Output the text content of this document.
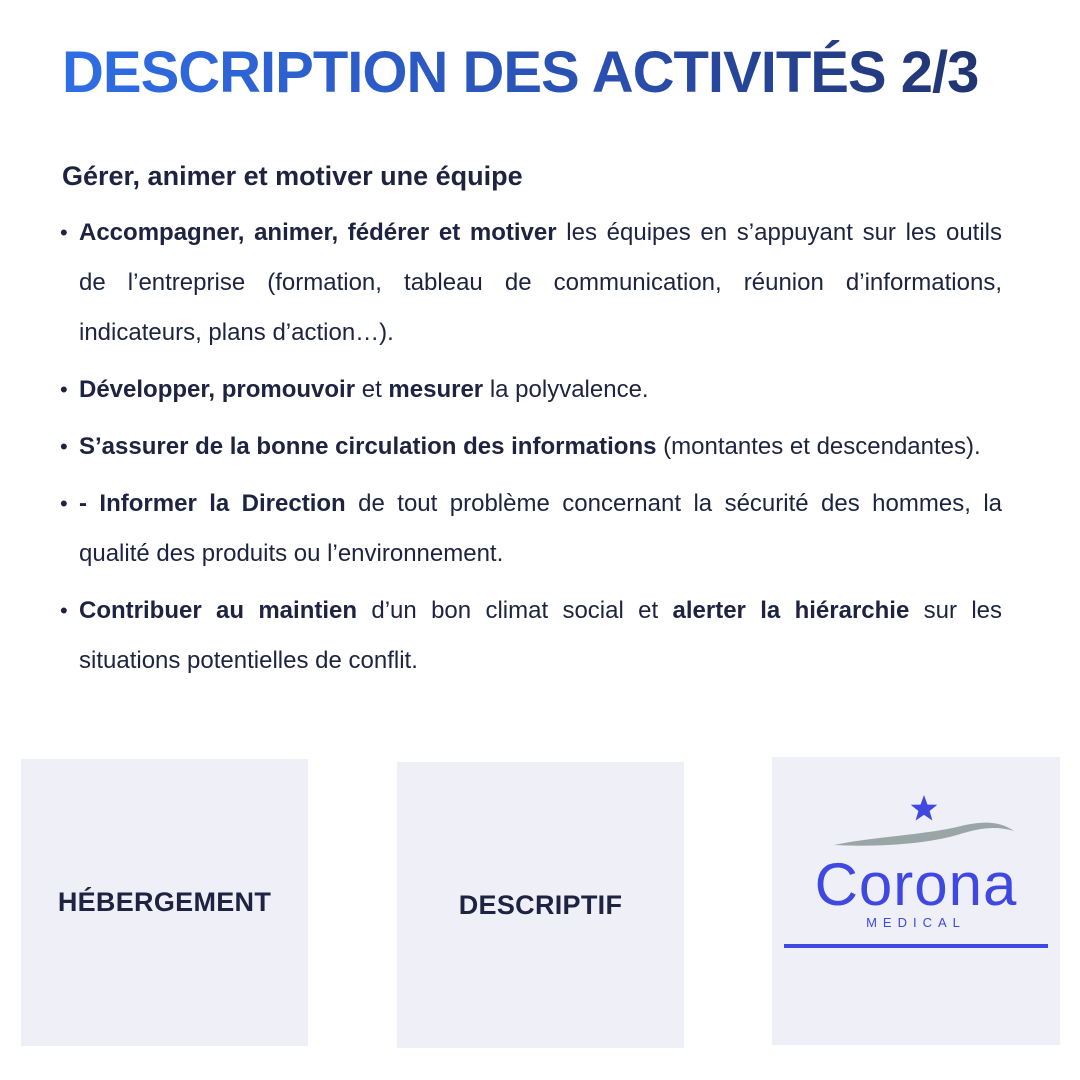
DESCRIPTION DES ACTIVITÉS 2/3
Gérer, animer et motiver une équipe
• Accompagner, animer, fédérer et motiver les équipes en s’appuyant sur les outils de l’entreprise (formation, tableau de communication, réunion d’informations, indicateurs, plans d’action…).
• Développer, promouvoir et mesurer la polyvalence.
• S’assurer de la bonne circulation des informations (montantes et descendantes).
• - Informer la Direction de tout problème concernant la sécurité des hommes, la qualité des produits ou l’environnement.
• Contribuer au maintien d’un bon climat social et alerter la hiérarchie sur les situations potentielles de conflit.
HÉBERGEMENT	DESCRIPTIF	Corona
MEDICAL
